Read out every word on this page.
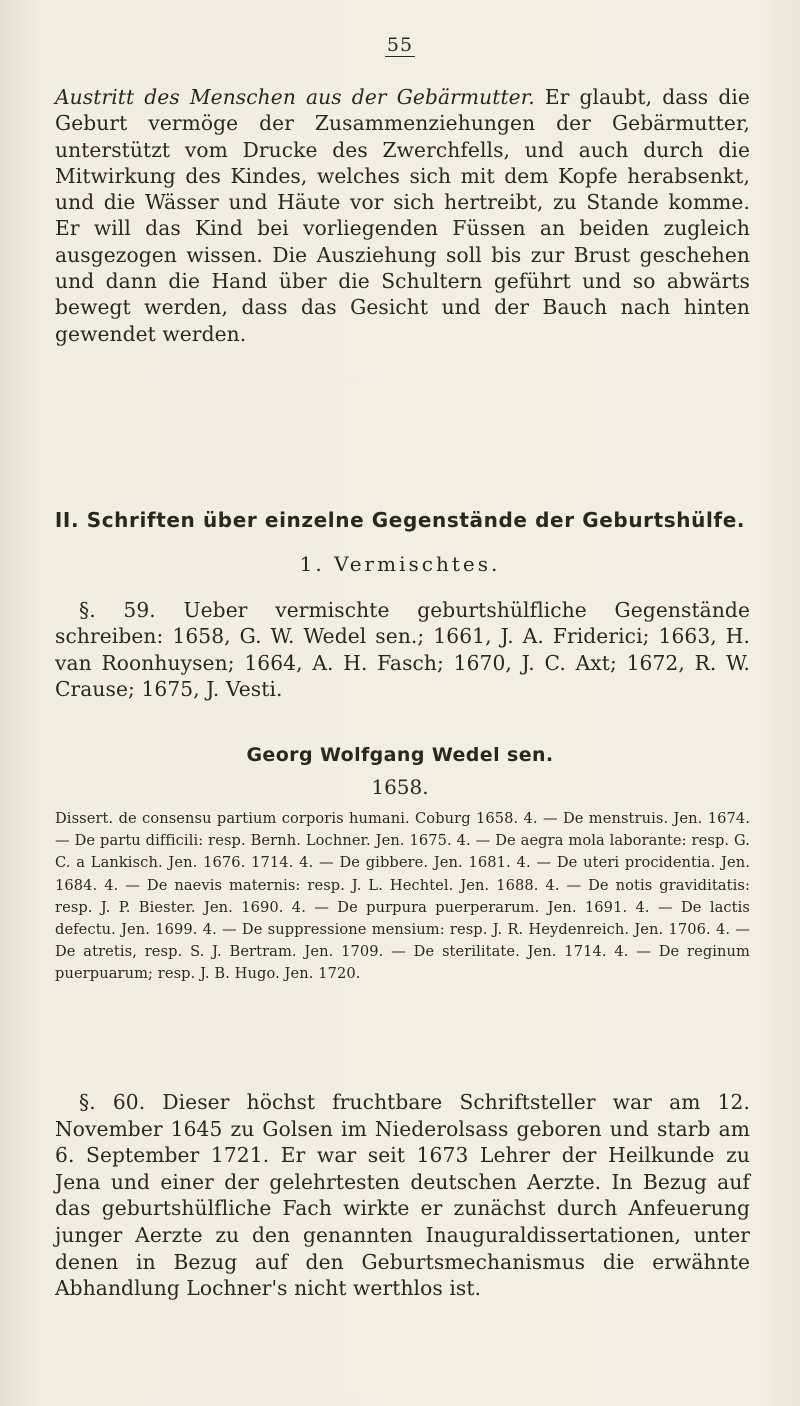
55

Austritt des Menschen aus der Gebärmutter. Er glaubt, dass die Geburt vermöge der Zusammenziehungen der Gebärmutter, unterstützt vom Drucke des Zwerchfells, und auch durch die Mitwirkung des Kindes, welches sich mit dem Kopfe herabsenkt, und die Wässer und Häute vor sich hertreibt, zu Stande komme. Er will das Kind bei vorliegenden Füssen an beiden zugleich ausgezogen wissen. Die Ausziehung soll bis zur Brust geschehen und dann die Hand über die Schultern geführt und so abwärts bewegt werden, dass das Gesicht und der Bauch nach hinten gewendet werden.

II. Schriften über einzelne Gegenstände der Geburtshülfe.
1. Vermischtes.

§. 59. Ueber vermischte geburtshülfliche Gegenstände schreiben: 1658, G. W. Wedel sen.; 1661, J. A. Friderici; 1663, H. van Roonhuysen; 1664, A. H. Fasch; 1670, J. C. Axt; 1672, R. W. Crause; 1675, J. Vesti.

Georg Wolfgang Wedel sen.
1658.

Dissert. de consensu partium corporis humani. Coburg 1658. 4. — De menstruis. Jen. 1674. — De partu difficili: resp. Bernh. Lochner. Jen. 1675. 4. — De aegra mola laborante: resp. G. C. a Lankisch. Jen. 1676. 1714. 4. — De gibbere. Jen. 1681. 4. — De uteri procidentia. Jen. 1684. 4. — De naevis maternis: resp. J. L. Hechtel. Jen. 1688. 4. — De notis graviditatis: resp. J. P. Biester. Jen. 1690. 4. — De purpura puerperarum. Jen. 1691. 4. — De lactis defectu. Jen. 1699. 4. — De suppressione mensium: resp. J. R. Heydenreich. Jen. 1706. 4. — De atretis, resp. S. J. Bertram. Jen. 1709. — De sterilitate. Jen. 1714. 4. — De reginum puerpuarum; resp. J. B. Hugo. Jen. 1720.

§. 60. Dieser höchst fruchtbare Schriftsteller war am 12. November 1645 zu Golsen im Niederolsass geboren und starb am 6. September 1721. Er war seit 1673 Lehrer der Heilkunde zu Jena und einer der gelehrtesten deutschen Aerzte. In Bezug auf das geburtshülfliche Fach wirkte er zunächst durch Anfeuerung junger Aerzte zu den genannten Inauguraldissertationen, unter denen in Bezug auf den Geburtsmechanismus die erwähnte Abhandlung Lochner's nicht werthlos ist.
